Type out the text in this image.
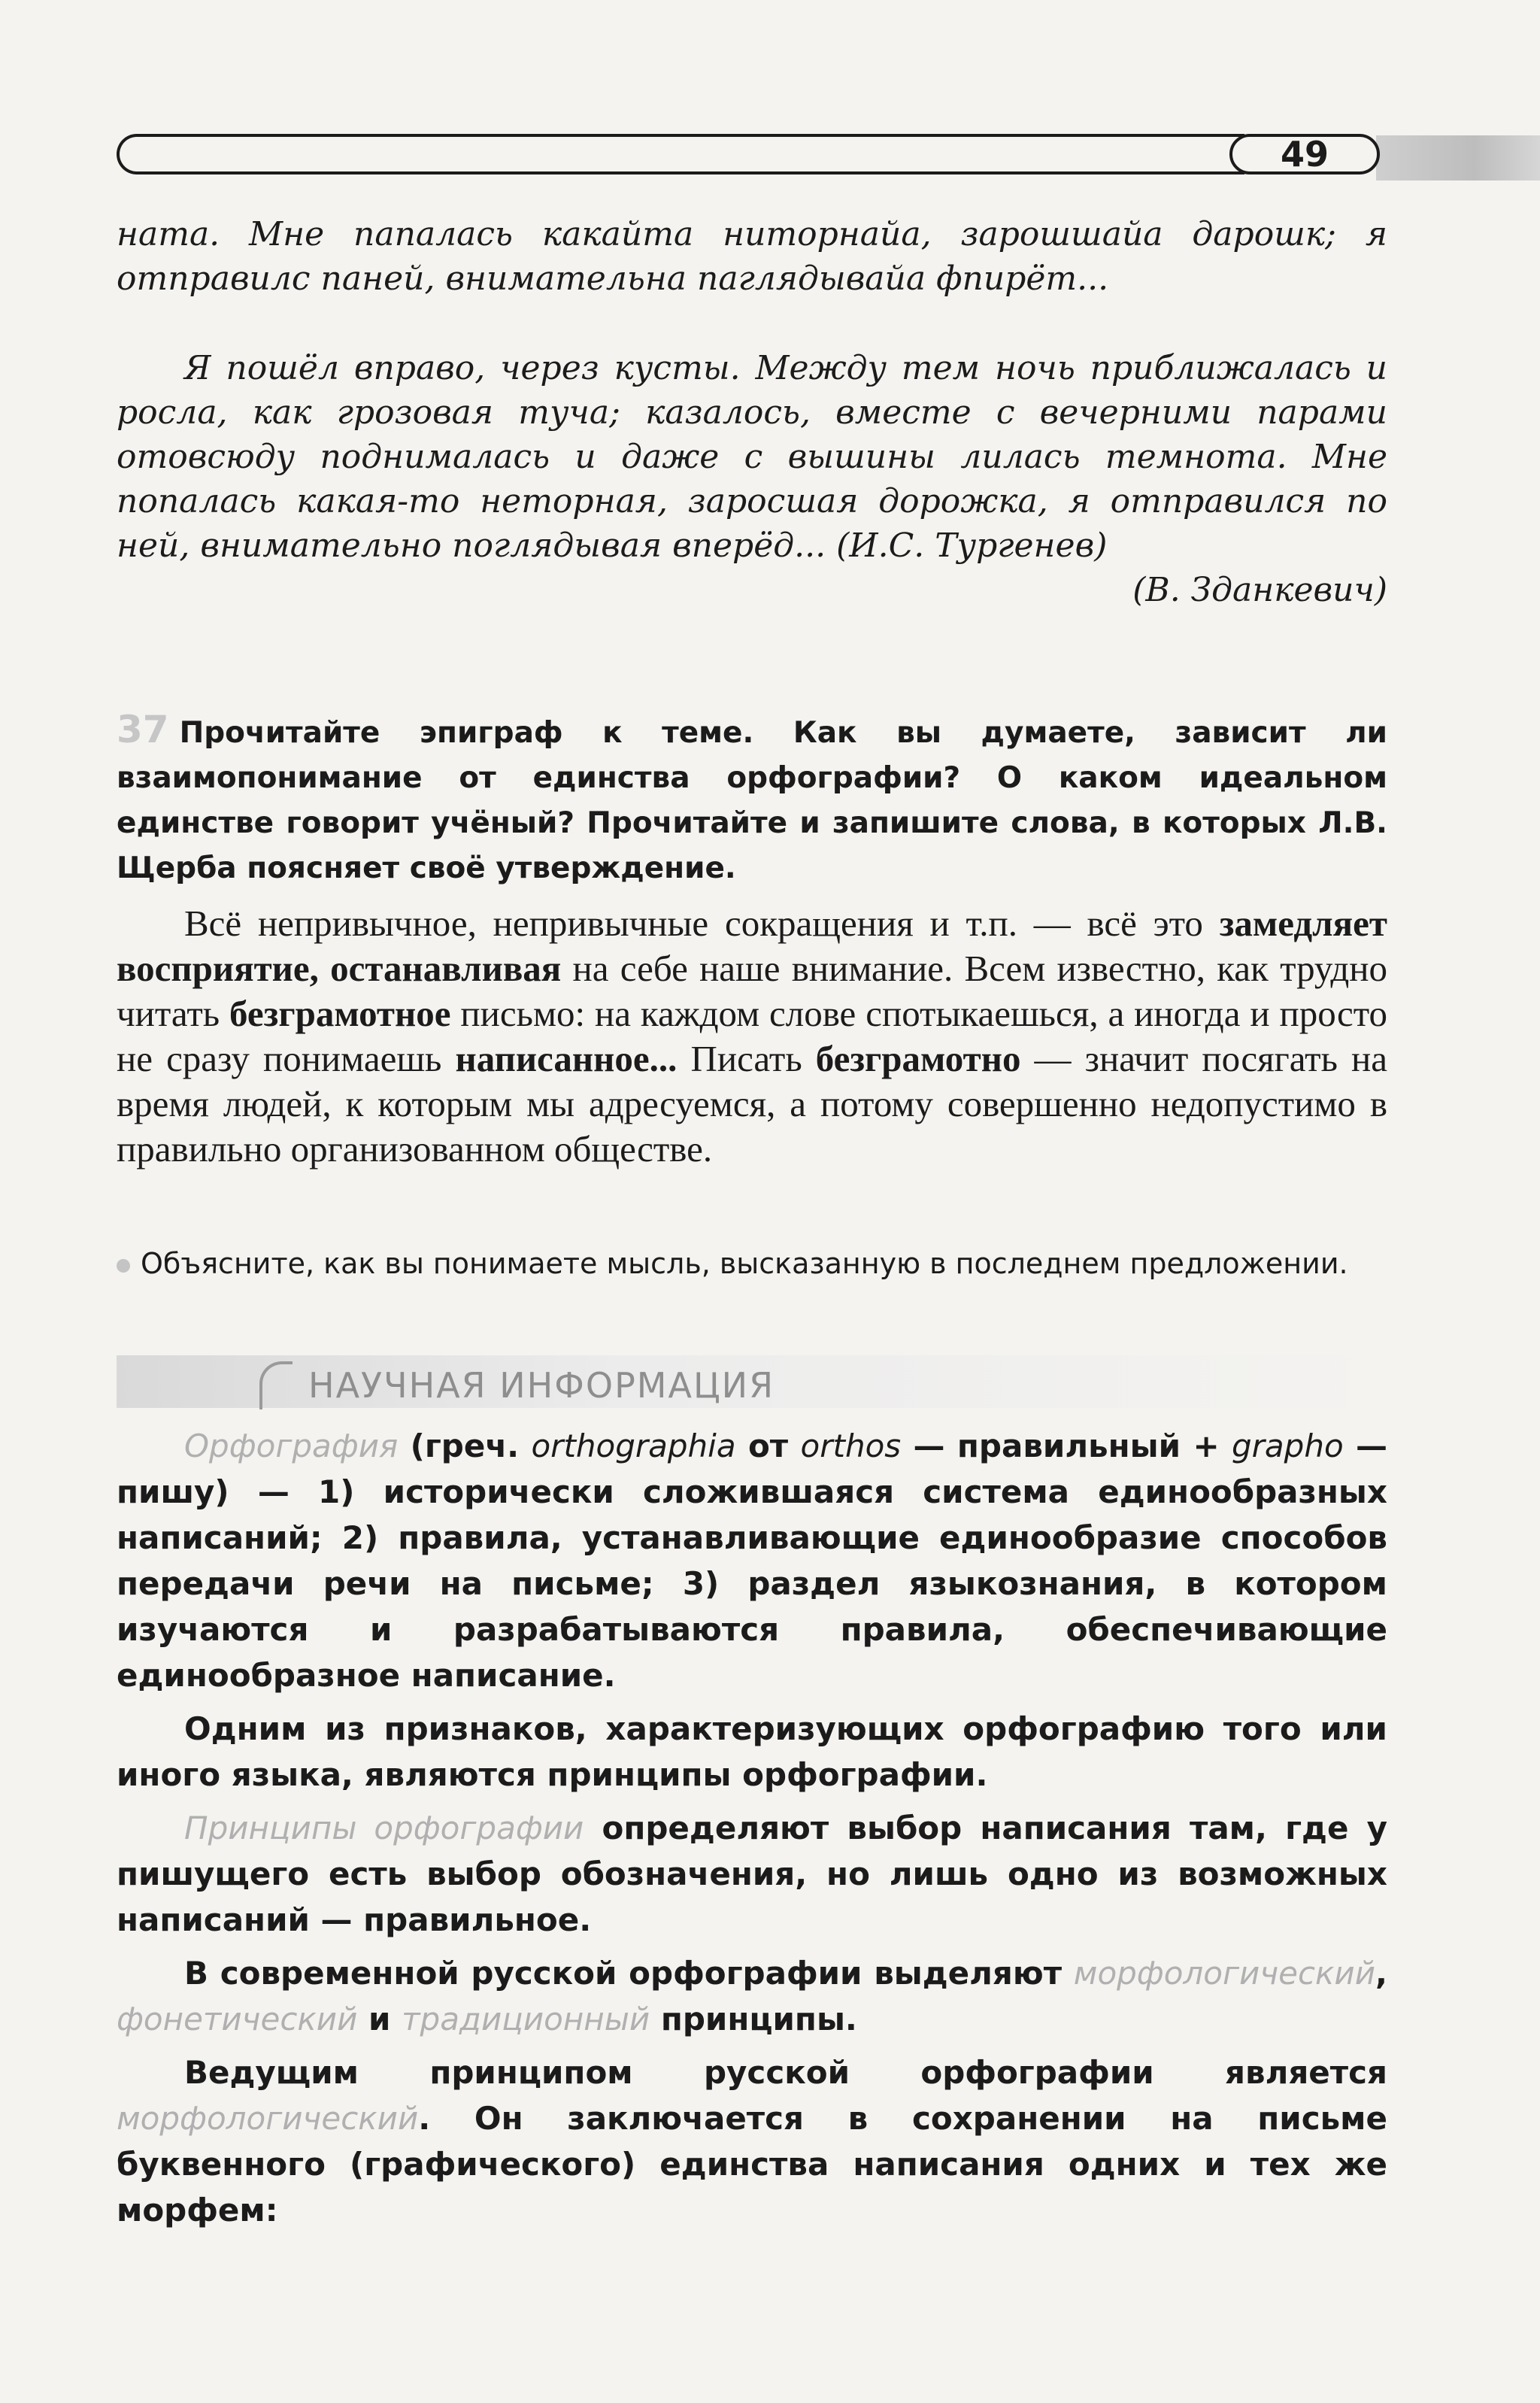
49

ната. Мне папалась какайта ниторнайа, зарошшайа дарошк; я отправилс паней, внимательна паглядывайа фпирёт...

Я пошёл вправо, через кусты. Между тем ночь приближалась и росла, как грозовая туча; казалось, вместе с вечерними парами отовсюду поднималась и даже с вышины лилась темнота. Мне попалась какая-то неторная, заросшая дорожка, я отправился по ней, внимательно поглядывая вперёд... (И.С. Тургенев)

(В. Зданкевич)

37 Прочитайте эпиграф к теме. Как вы думаете, зависит ли взаимопонимание от единства орфографии? О каком идеальном единстве говорит учёный? Прочитайте и запишите слова, в которых Л.В. Щерба поясняет своё утверждение.

Всё непривычное, непривычные сокращения и т.п. — всё это замедляет восприятие, останавливая на себе наше внимание. Всем известно, как трудно читать безграмотное письмо: на каждом слове спотыкаешься, а иногда и просто не сразу понимаешь написанное... Писать безграмотно — значит посягать на время людей, к которым мы адресуемся, а потому совершенно недопустимо в правильно организованном обществе.

Объясните, как вы понимаете мысль, высказанную в последнем предложении.

НАУЧНАЯ ИНФОРМАЦИЯ

Орфография (греч. orthographia от orthos — правильный + grapho — пишу) — 1) исторически сложившаяся система единообразных написаний; 2) правила, устанавливающие единообразие способов передачи речи на письме; 3) раздел языкознания, в котором изучаются и разрабатываются правила, обеспечивающие единообразное написание.

Одним из признаков, характеризующих орфографию того или иного языка, являются принципы орфографии.

Принципы орфографии определяют выбор написания там, где у пишущего есть выбор обозначения, но лишь одно из возможных написаний — правильное.

В современной русской орфографии выделяют морфологический, фонетический и традиционный принципы.

Ведущим принципом русской орфографии является морфологический. Он заключается в сохранении на письме буквенного (графического) единства написания одних и тех же морфем:
